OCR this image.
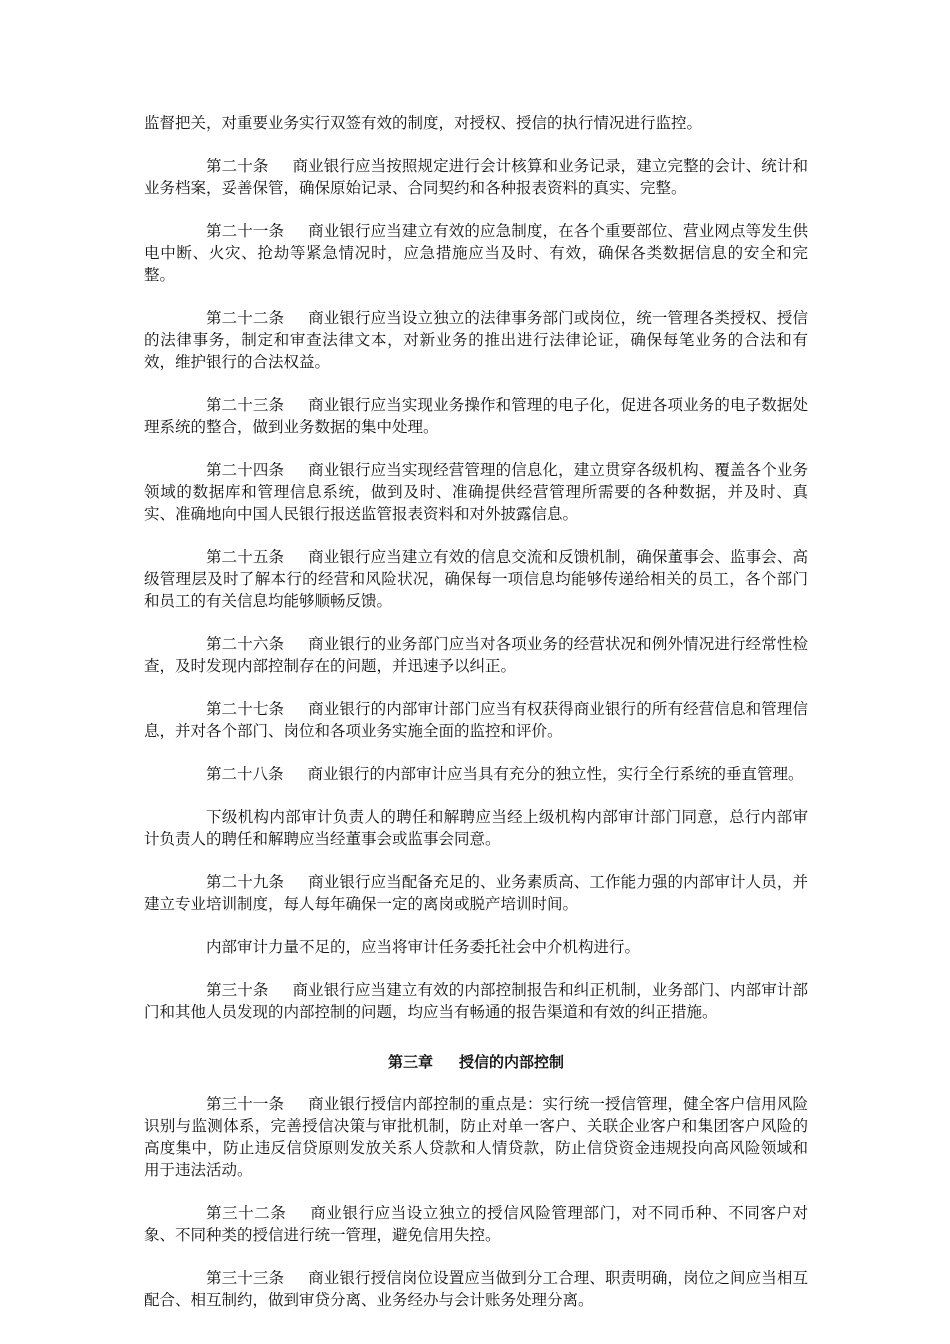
监督把关，对重要业务实行双签有效的制度，对授权、授信的执行情况进行监控。

第二十条 商业银行应当按照规定进行会计核算和业务记录，建立完整的会计、统计和业务档案，妥善保管，确保原始记录、合同契约和各种报表资料的真实、完整。

第二十一条 商业银行应当建立有效的应急制度，在各个重要部位、营业网点等发生供电中断、火灾、抢劫等紧急情况时，应急措施应当及时、有效，确保各类数据信息的安全和完整。

第二十二条 商业银行应当设立独立的法律事务部门或岗位，统一管理各类授权、授信的法律事务，制定和审查法律文本，对新业务的推出进行法律论证，确保每笔业务的合法和有效，维护银行的合法权益。

第二十三条 商业银行应当实现业务操作和管理的电子化，促进各项业务的电子数据处理系统的整合，做到业务数据的集中处理。

第二十四条 商业银行应当实现经营管理的信息化，建立贯穿各级机构、覆盖各个业务领域的数据库和管理信息系统，做到及时、准确提供经营管理所需要的各种数据，并及时、真实、准确地向中国人民银行报送监管报表资料和对外披露信息。

第二十五条 商业银行应当建立有效的信息交流和反馈机制，确保董事会、监事会、高级管理层及时了解本行的经营和风险状况，确保每一项信息均能够传递给相关的员工，各个部门和员工的有关信息均能够顺畅反馈。

第二十六条 商业银行的业务部门应当对各项业务的经营状况和例外情况进行经常性检查，及时发现内部控制存在的问题，并迅速予以纠正。

第二十七条 商业银行的内部审计部门应当有权获得商业银行的所有经营信息和管理信息，并对各个部门、岗位和各项业务实施全面的监控和评价。

第二十八条 商业银行的内部审计应当具有充分的独立性，实行全行系统的垂直管理。

下级机构内部审计负责人的聘任和解聘应当经上级机构内部审计部门同意，总行内部审计负责人的聘任和解聘应当经董事会或监事会同意。

第二十九条 商业银行应当配备充足的、业务素质高、工作能力强的内部审计人员，并建立专业培训制度，每人每年确保一定的离岗或脱产培训时间。

内部审计力量不足的，应当将审计任务委托社会中介机构进行。

第三十条 商业银行应当建立有效的内部控制报告和纠正机制，业务部门、内部审计部门和其他人员发现的内部控制的问题，均应当有畅通的报告渠道和有效的纠正措施。

第三章 授信的内部控制

第三十一条 商业银行授信内部控制的重点是：实行统一授信管理，健全客户信用风险识别与监测体系，完善授信决策与审批机制，防止对单一客户、关联企业客户和集团客户风险的高度集中，防止违反信贷原则发放关系人贷款和人情贷款，防止信贷资金违规投向高风险领域和用于违法活动。

第三十二条 商业银行应当设立独立的授信风险管理部门，对不同币种、不同客户对象、不同种类的授信进行统一管理，避免信用失控。

第三十三条 商业银行授信岗位设置应当做到分工合理、职责明确，岗位之间应当相互配合、相互制约，做到审贷分离、业务经办与会计账务处理分离。
